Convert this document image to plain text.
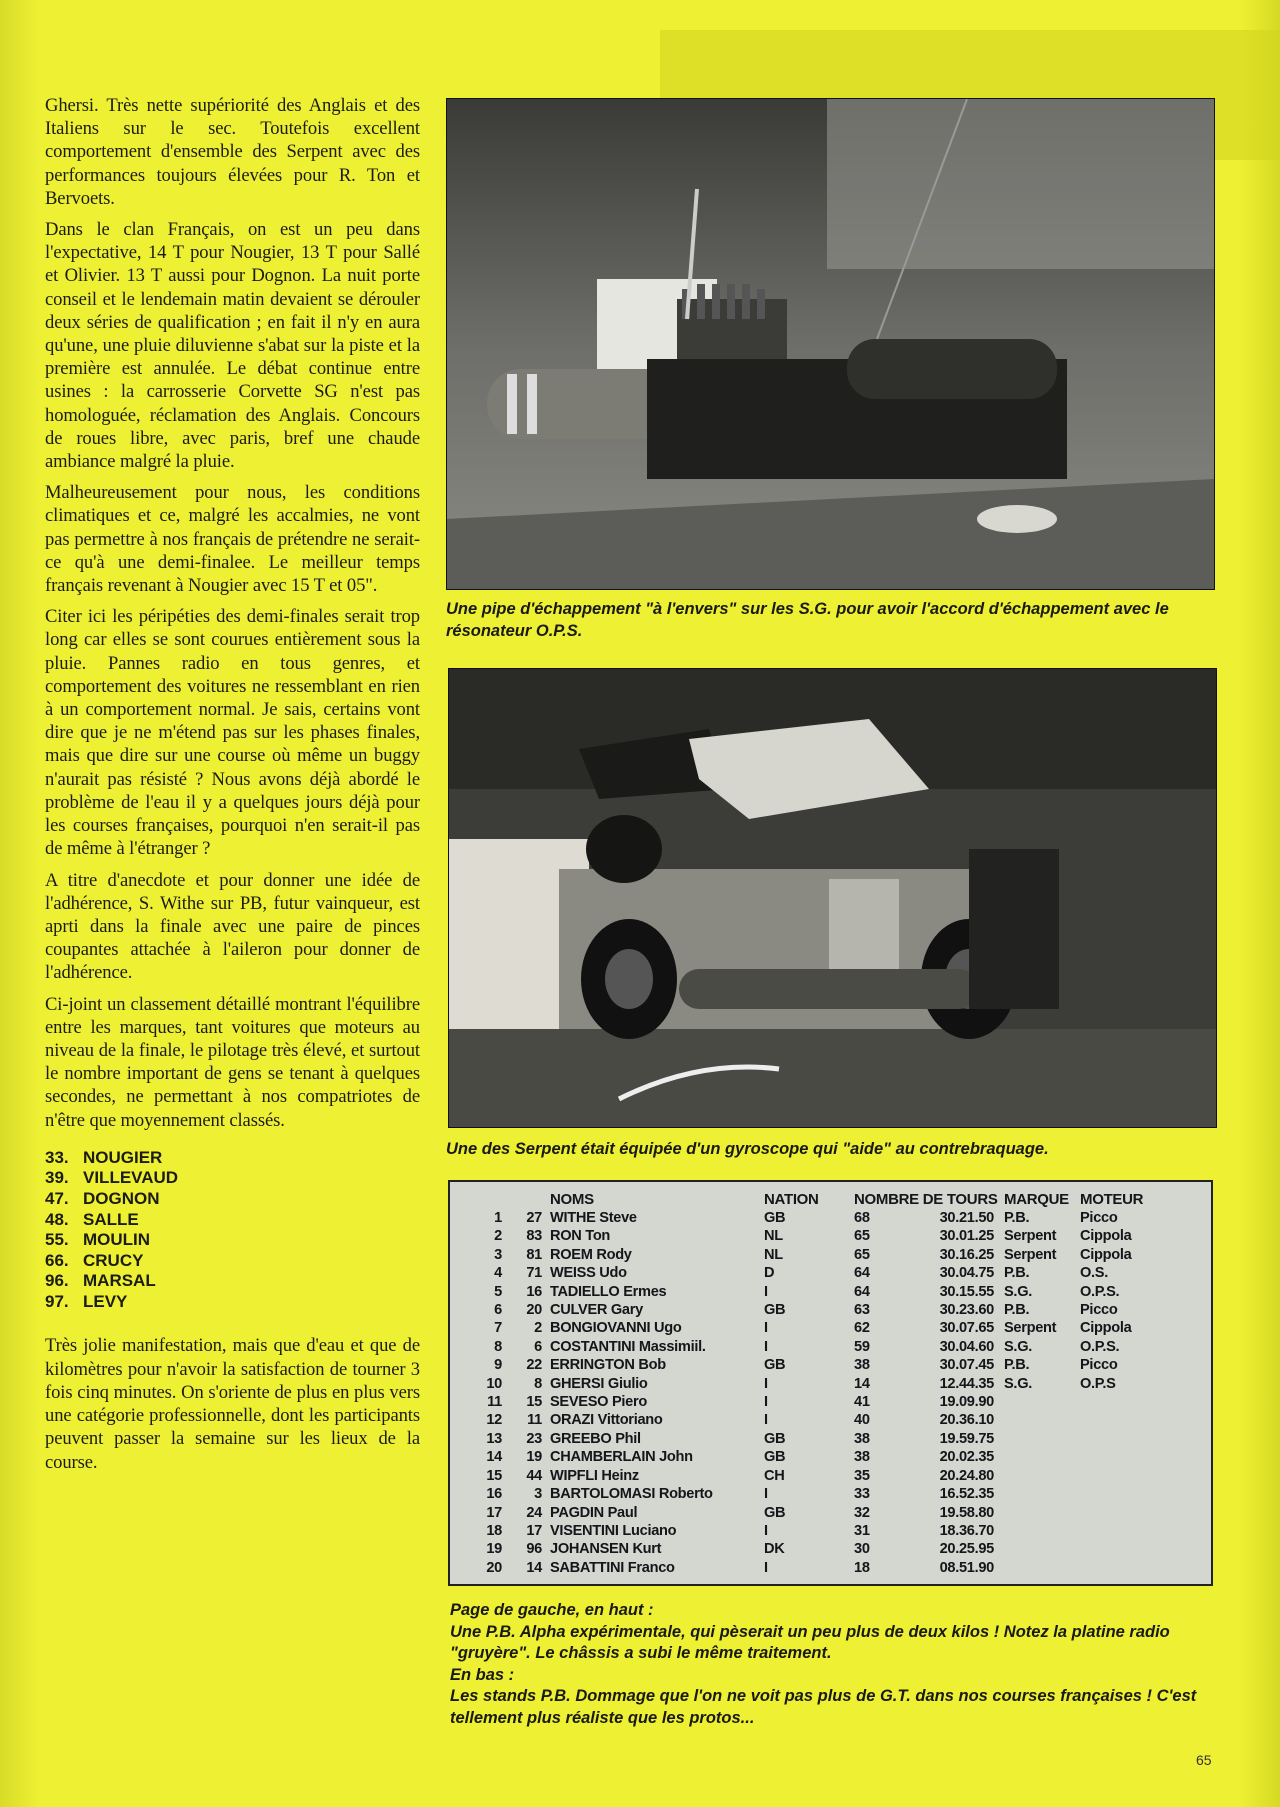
Ghersi. Très nette supériorité des Anglais et des Italiens sur le sec. Toutefois excellent comportement d'ensemble des Serpent avec des performances toujours élevées pour R. Ton et Bervoets.

Dans le clan Français, on est un peu dans l'expectative, 14 T pour Nougier, 13 T pour Sallé et Olivier. 13 T aussi pour Dognon. La nuit porte conseil et le lendemain matin devaient se dérouler deux séries de qualification ; en fait il n'y en aura qu'une, une pluie diluvienne s'abat sur la piste et la première est annulée. Le débat continue entre usines : la carrosserie Corvette SG n'est pas homologuée, réclamation des Anglais. Concours de roues libre, avec paris, bref une chaude ambiance malgré la pluie.

Malheureusement pour nous, les conditions climatiques et ce, malgré les accalmies, ne vont pas permettre à nos français de prétendre ne serait-ce qu'à une demi-finalee. Le meilleur temps français revenant à Nougier avec 15 T et 05".

Citer ici les péripéties des demi-finales serait trop long car elles se sont courues entièrement sous la pluie. Pannes radio en tous genres, et comportement des voitures ne ressemblant en rien à un comportement normal. Je sais, certains vont dire que je ne m'étend pas sur les phases finales, mais que dire sur une course où même un buggy n'aurait pas résisté ? Nous avons déjà abordé le problème de l'eau il y a quelques jours déjà pour les courses françaises, pourquoi n'en serait-il pas de même à l'étranger ?

A titre d'anecdote et pour donner une idée de l'adhérence, S. Withe sur PB, futur vainqueur, est aprti dans la finale avec une paire de pinces coupantes attachée à l'aileron pour donner de l'adhérence.

Ci-joint un classement détaillé montrant l'équilibre entre les marques, tant voitures que moteurs au niveau de la finale, le pilotage très élevé, et surtout le nombre important de gens se tenant à quelques secondes, ne permettant à nos compatriotes de n'être que moyennement classés.

33. NOUGIER
39. VILLEVAUD
47. DOGNON
48. SALLE
55. MOULIN
66. CRUCY
96. MARSAL
97. LEVY

Très jolie manifestation, mais que d'eau et que de kilomètres pour n'avoir la satisfaction de tourner 3 fois cinq minutes. On s'oriente de plus en plus vers une catégorie professionnelle, dont les participants peuvent passer la semaine sur les lieux de la course.

Une pipe d'échappement "à l'envers" sur les S.G. pour avoir l'accord d'échappement avec le résonateur O.P.S.
Une des Serpent était équipée d'un gyroscope qui "aide" au contrebraquage.
		NOMS	NATION	NOMBRE DE TOURS		MARQUE	MOTEUR
1	27	WITHE Steve	GB	68	30.21.50	P.B.	Picco
2	83	RON Ton	NL	65	30.01.25	Serpent	Cippola
3	81	ROEM Rody	NL	65	30.16.25	Serpent	Cippola
4	71	WEISS Udo	D	64	30.04.75	P.B.	O.S.
5	16	TADIELLO Ermes	I	64	30.15.55	S.G.	O.P.S.
6	20	CULVER Gary	GB	63	30.23.60	P.B.	Picco
7	2	BONGIOVANNI Ugo	I	62	30.07.65	Serpent	Cippola
8	6	COSTANTINI Massimiil.	I	59	30.04.60	S.G.	O.P.S.
9	22	ERRINGTON Bob	GB	38	30.07.45	P.B.	Picco
10	8	GHERSI Giulio	I	14	12.44.35	S.G.	O.P.S
11	15	SEVESO Piero	I	41	19.09.90		
12	11	ORAZI Vittoriano	I	40	20.36.10		
13	23	GREEBO Phil	GB	38	19.59.75		
14	19	CHAMBERLAIN John	GB	38	20.02.35		
15	44	WIPFLI Heinz	CH	35	20.24.80		
16	3	BARTOLOMASI Roberto	I	33	16.52.35		
17	24	PAGDIN Paul	GB	32	19.58.80		
18	17	VISENTINI Luciano	I	31	18.36.70		
19	96	JOHANSEN Kurt	DK	30	20.25.95		
20	14	SABATTINI Franco	I	18	08.51.90		
Page de gauche, en haut :
Une P.B. Alpha expérimentale, qui pèserait un peu plus de deux kilos ! Notez la platine radio "gruyère". Le châssis a subi le même traitement.
En bas :
Les stands P.B. Dommage que l'on ne voit pas plus de G.T. dans nos courses françaises ! C'est tellement plus réaliste que les protos...
65
